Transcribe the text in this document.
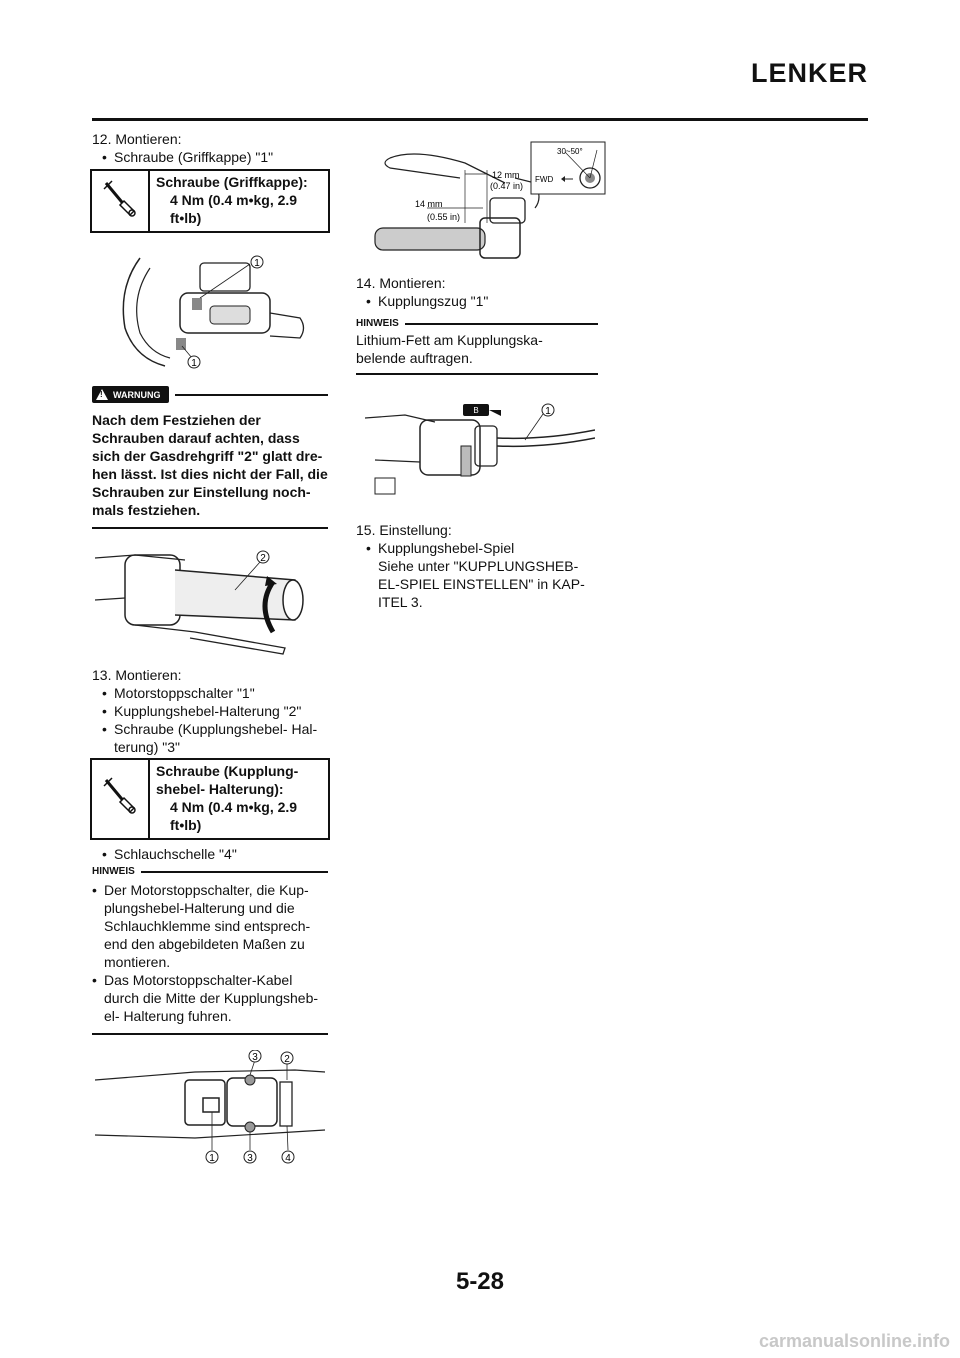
LENKER
12. Montieren:
• Schraube (Griffkappe) "1"
Schraube (Griffkappe):
4 Nm (0.4 m•kg, 2.9
ft•lb)
1
1
!
WARNUNG
Nach dem Festziehen der
Schrauben darauf achten, dass
sich der Gasdrehgriff "2" glatt dre-
hen lässt. Ist dies nicht der Fall, die
Schrauben zur Einstellung noch-
mals festziehen.
2
13. Montieren:
• Motorstoppschalter "1"
• Kupplungshebel-Halterung "2"
• Schraube (Kupplungshebel- Hal-
terung) "3"
Schraube (Kupplung-
shebel- Halterung):
4 Nm (0.4 m•kg, 2.9
ft•lb)
• Schlauchschelle "4"
HINWEIS
• Der Motorstoppschalter, die Kup-
plungshebel-Halterung und die
Schlauchklemme sind entsprech-
end den abgebildeten Maßen zu
montieren.
• Das Motorstoppschalter-Kabel
durch die Mitte der Kupplungsheb-
el- Halterung fuhren.
3	2
1	3	4
12 mm
(0.47 in)
14 mm
(0.55 in)
30~50°
FWD
14. Montieren:
• Kupplungszug "1"
HINWEIS
Lithium-Fett am Kupplungska-
belende auftragen.
B	1
15. Einstellung:
• Kupplungshebel-Spiel
Siehe unter "KUPPLUNGSHEB-
EL-SPIEL EINSTELLEN" in KAP-
ITEL 3.
5-28
carmanualsonline.info
